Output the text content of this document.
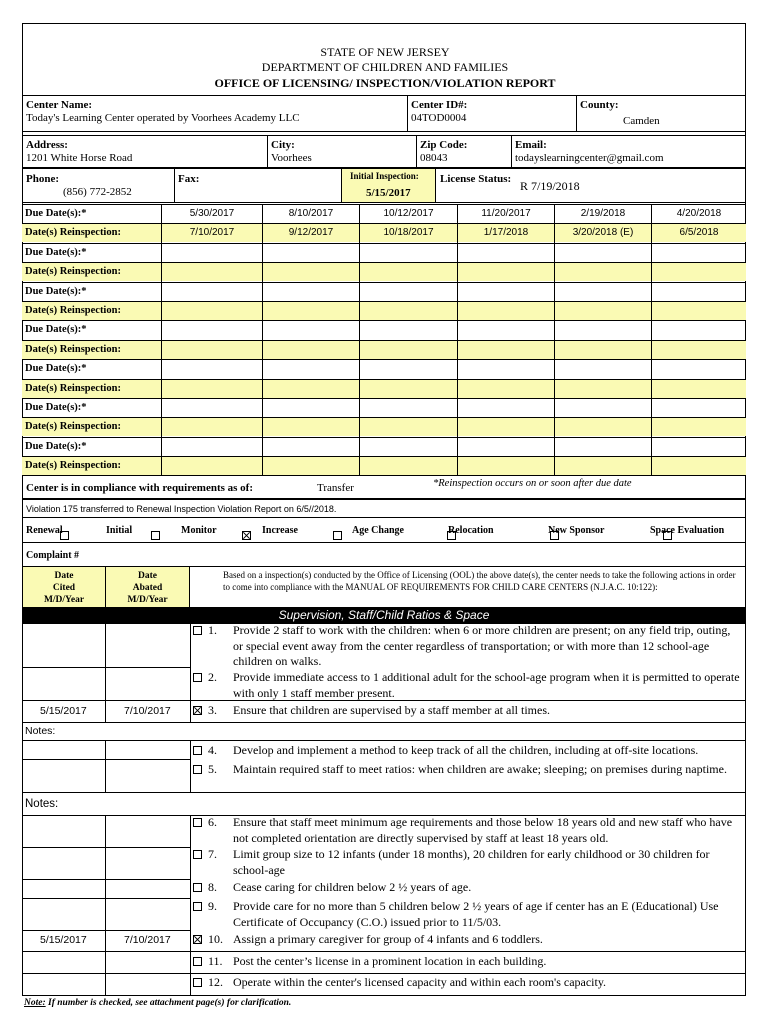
STATE OF NEW JERSEY
DEPARTMENT OF CHILDREN AND FAMILIES
OFFICE OF LICENSING/ INSPECTION/VIOLATION REPORT
Center Name:
Today's Learning Center operated by Voorhees Academy LLC
Center ID#:
04TOD0004
County:
Camden
Address:
1201 White Horse Road
City:
Voorhees
Zip Code:
08043
Email:
todayslearningcenter@gmail.com
Phone:
(856) 772-2852
Fax:	Initial Inspection:
5/15/2017
License Status: R 7/19/2018
Due Date(s):*	5/30/2017	8/10/2017	10/12/2017	11/20/2017	2/19/2018	4/20/2018
Date(s) Reinspection:	7/10/2017	9/12/2017	10/18/2017	1/17/2018	3/20/2018 (E)	6/5/2018
Due Date(s):*
Date(s) Reinspection:
Due Date(s):*
Date(s) Reinspection:
Due Date(s):*
Date(s) Reinspection:
Due Date(s):*
Date(s) Reinspection:
Due Date(s):*
Date(s) Reinspection:
Due Date(s):*
Date(s) Reinspection:
Center is in compliance with requirements as of:	Transfer	*Reinspection occurs on or soon after due date
Violation 175 transferred to Renewal Inspection Violation Report on 6/5//2018.
Renewal	Initial	Monitor	Increase	Age Change	Relocation	New Sponsor	Space Evaluation
Complaint #
Date
Cited
M/D/Year
Date
Abated
M/D/Year
Based on a inspection(s) conducted by the Office of Licensing (OOL) the above date(s), the center needs to take the following actions in order to come into compliance with the MANUAL OF REQUIREMENTS FOR CHILD CARE CENTERS (N.J.A.C. 10:122):
Supervision, Staff/Child Ratios & Space
1. Provide 2 staff to work with the children: when 6 or more children are present; on any field trip, outing, or special event away from the center regardless of transportation; or with more than 12 school-age children on walks.
2. Provide immediate access to 1 additional adult for the school-age program when it is permitted to operate with only 1 staff member present.
3. Ensure that children are supervised by a staff member at all times.
5/15/2017	7/10/2017
4. Develop and implement a method to keep track of all the children, including at off-site locations.
5. Maintain required staff to meet ratios: when children are awake; sleeping; on premises during naptime.
6. Ensure that staff meet minimum age requirements and those below 18 years old and new staff who have not completed orientation are directly supervised by staff at least 18 years old.
7. Limit group size to 12 infants (under 18 months), 20 children for early childhood or 30 children for school-age
8. Cease caring for children below 2 ½ years of age.
9. Provide care for no more than 5 children below 2 ½ years of age if center has an E (Educational) Use Certificate of Occupancy (C.O.) issued prior to 11/5/03.
10. Assign a primary caregiver for group of 4 infants and 6 toddlers.
5/15/2017	7/10/2017
11. Post the center’s license in a prominent location in each building.
12. Operate within the center's licensed capacity and within each room's capacity.
Notes:
Notes:
Note: If number is checked, see attachment page(s) for clarification.
